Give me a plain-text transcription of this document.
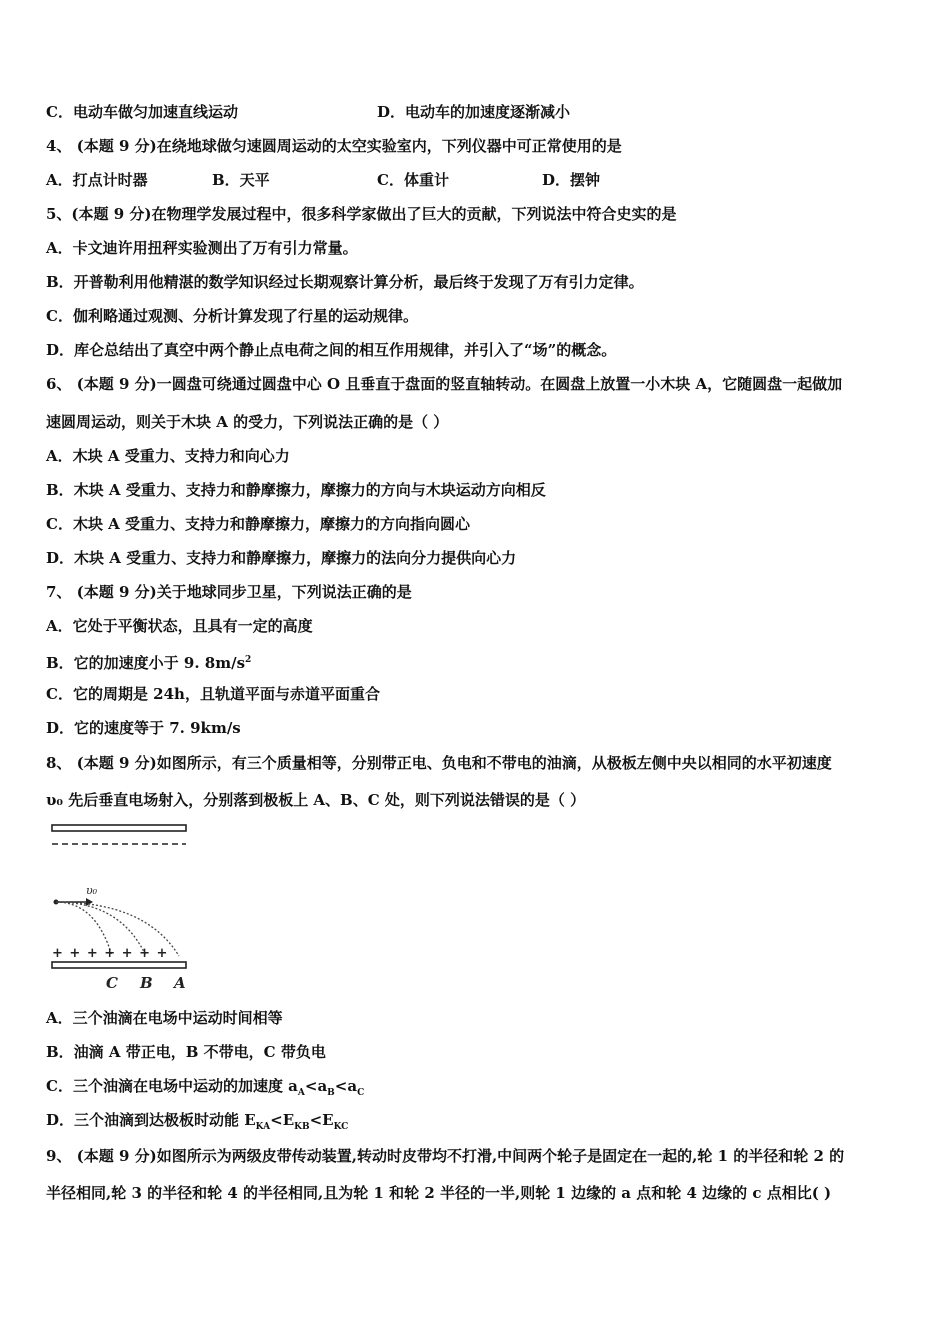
C．电动车做匀加速直线运动	D．电动车的加速度逐渐减小
4、 (本题 9 分)在绕地球做匀速圆周运动的太空实验室内，下列仪器中可正常使用的是
A．打点计时器	B．天平	C．体重计	D．摆钟
5、(本题 9 分)在物理学发展过程中，很多科学家做出了巨大的贡献，下列说法中符合史实的是
A．卡文迪许用扭秤实验测出了万有引力常量。
B．开普勒利用他精湛的数学知识经过长期观察计算分析，最后终于发现了万有引力定律。
C．伽利略通过观测、分析计算发现了行星的运动规律。
D．库仑总结出了真空中两个静止点电荷之间的相互作用规律，并引入了“场”的概念。
6、 (本题 9 分)一圆盘可绕通过圆盘中心 O 且垂直于盘面的竖直轴转动。在圆盘上放置一小木块 A，它随圆盘一起做加
速圆周运动，则关于木块 A 的受力，下列说法正确的是（ ）
A．木块 A 受重力、支持力和向心力
B．木块 A 受重力、支持力和静摩擦力，摩擦力的方向与木块运动方向相反
C．木块 A 受重力、支持力和静摩擦力，摩擦力的方向指向圆心
D．木块 A 受重力、支持力和静摩擦力，摩擦力的法向分力提供向心力
7、 (本题 9 分)关于地球同步卫星，下列说法正确的是
A．它处于平衡状态，且具有一定的高度
B．它的加速度小于 9. $8m/s^2$
C．它的周期是 24h，且轨道平面与赤道平面重合
D．它的速度等于 7. 9km/s
8、 (本题 9 分)如图所示，有三个质量相等，分别带正电、负电和不带电的油滴，从极板左侧中央以相同的水平初速度
υ₀ 先后垂直电场射入，分别落到极板上 A、B、C 处，则下列说法错误的是（ ）
υ₀
+ + + + + + +
C B A
A．三个油滴在电场中运动时间相等
B．油滴 A 带正电，B 不带电，C 带负电
C．三个油滴在电场中运动的加速度 $a_A<a_B<a_C$
D．三个油滴到达极板时动能 $E_{KA}<E_{KB}<E_{KC}$
9、 (本题 9 分)如图所示为两级皮带传动装置,转动时皮带均不打滑,中间两个轮子是固定在一起的,轮 1 的半径和轮 2 的
半径相同,轮 3 的半径和轮 4 的半径相同,且为轮 1 和轮 2 半径的一半,则轮 1 边缘的 a 点和轮 4 边缘的 c 点相比( )
